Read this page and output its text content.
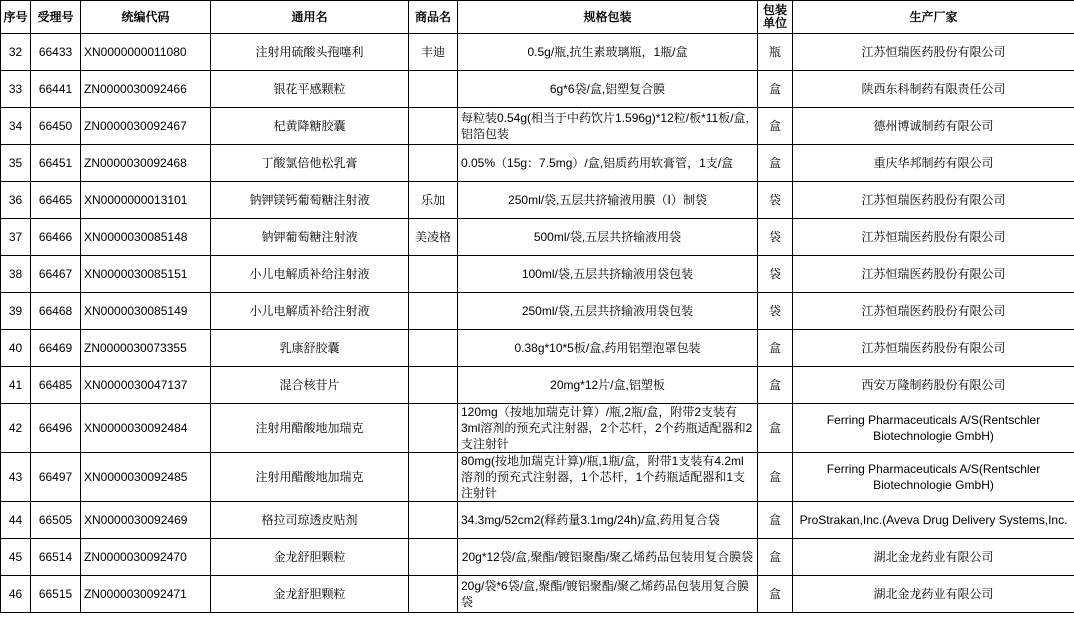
序号	受理号	统编代码	通用名	商品名	规格包装	包装单位	生产厂家
32	66433	XN0000000011080	注射用硫酸头孢噻利	丰迪	0.5g/瓶,抗生素玻璃瓶，1瓶/盒	瓶	江苏恒瑞医药股份有限公司
33	66441	ZN0000030092466	银花平感颗粒		6g*6袋/盒,铝塑复合膜	盒	陕西东科制药有限责任公司
34	66450	ZN0000030092467	杞黄降糖胶囊		每粒装0.54g(相当于中药饮片1.596g)*12粒/板*11板/盒,铝箔包装	盒	德州博诚制药有限公司
35	66451	ZN0000030092468	丁酸氯倍他松乳膏		0.05%（15g：7.5mg）/盒,铝质药用软膏管，1支/盒	盒	重庆华邦制药有限公司
36	66465	XN0000000013101	钠钾镁钙葡萄糖注射液	乐加	250ml/袋,五层共挤输液用膜（Ⅰ）制袋	袋	江苏恒瑞医药股份有限公司
37	66466	XN0000030085148	钠钾葡萄糖注射液	美凌格	500ml/袋,五层共挤输液用袋	袋	江苏恒瑞医药股份有限公司
38	66467	XN0000030085151	小儿电解质补给注射液		100ml/袋,五层共挤输液用袋包装	袋	江苏恒瑞医药股份有限公司
39	66468	XN0000030085149	小儿电解质补给注射液		250ml/袋,五层共挤输液用袋包装	袋	江苏恒瑞医药股份有限公司
40	66469	ZN0000030073355	乳康舒胶囊		0.38g*10*5板/盒,药用铝塑泡罩包装	盒	江苏恒瑞医药股份有限公司
41	66485	XN0000030047137	混合核苷片		20mg*12片/盒,铝塑板	盒	西安万隆制药股份有限公司
42	66496	XN0000030092484	注射用醋酸地加瑞克		120mg（按地加瑞克计算）/瓶,2瓶/盒，附带2支装有3ml溶剂的预充式注射器，2个芯杆，2个药瓶适配器和2支注射针	盒	Ferring Pharmaceuticals A/S(Rentschler Biotechnologie GmbH)
43	66497	XN0000030092485	注射用醋酸地加瑞克		80mg(按地加瑞克计算)/瓶,1瓶/盒，附带1支装有4.2ml溶剂的预充式注射器，1个芯杆，1个药瓶适配器和1支注射针	盒	Ferring Pharmaceuticals A/S(Rentschler Biotechnologie GmbH)
44	66505	XN0000030092469	格拉司琼透皮贴剂		34.3mg/52cm2(释药量3.1mg/24h)/盒,药用复合袋	盒	ProStrakan,Inc.(Aveva Drug Delivery Systems,Inc.
45	66514	ZN0000030092470	金龙舒胆颗粒		20g*12袋/盒,聚酯/镀铝聚酯/聚乙烯药品包装用复合膜袋	盒	湖北金龙药业有限公司
46	66515	ZN0000030092471	金龙舒胆颗粒		20g/袋*6袋/盒,聚酯/镀铝聚酯/聚乙烯药品包装用复合膜袋	盒	湖北金龙药业有限公司
